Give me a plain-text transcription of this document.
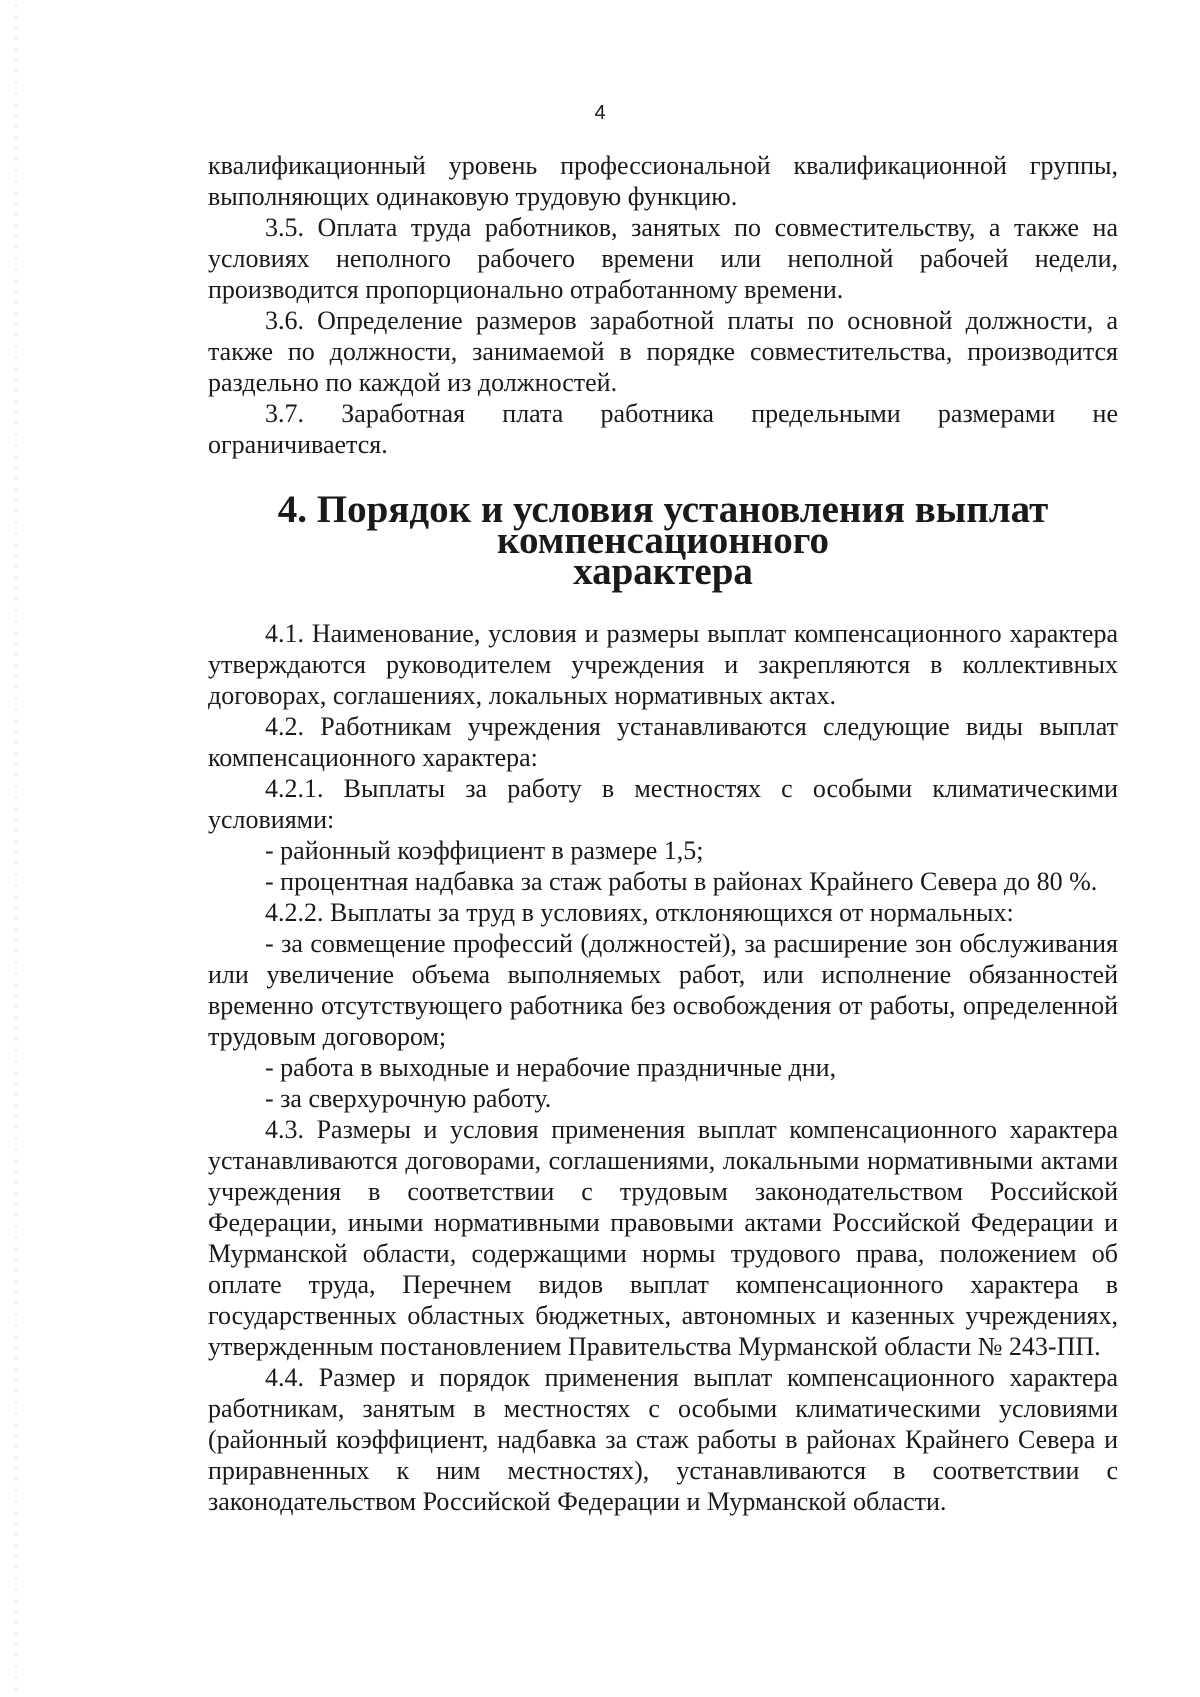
4

квалификационный уровень профессиональной квалификационной группы, выполняющих одинаковую трудовую функцию.

3.5. Оплата труда работников, занятых по совместительству, а также на условиях неполного рабочего времени или неполной рабочей недели, производится пропорционально отработанному времени.

3.6. Определение размеров заработной платы по основной должности, а также по должности, занимаемой в порядке совместительства, производится раздельно по каждой из должностей.

3.7. Заработная плата работника предельными размерами не ограничивается.

4. Порядок и условия установления выплат компенсационного
характера

4.1. Наименование, условия и размеры выплат компенсационного характера утверждаются руководителем учреждения и закрепляются в коллективных договорах, соглашениях, локальных нормативных актах.

4.2. Работникам учреждения устанавливаются следующие виды выплат компенсационного характера:

4.2.1. Выплаты за работу в местностях с особыми климатическими условиями:

- районный коэффициент в размере 1,5;

- процентная надбавка за стаж работы в районах Крайнего Севера до 80 %.

4.2.2. Выплаты за труд в условиях, отклоняющихся от нормальных:

- за совмещение профессий (должностей), за расширение зон обслуживания или увеличение объема выполняемых работ, или исполнение обязанностей временно отсутствующего работника без освобождения от работы, определенной трудовым договором;

- работа в выходные и нерабочие праздничные дни,

- за сверхурочную работу.

4.3. Размеры и условия применения выплат компенсационного характера устанавливаются договорами, соглашениями, локальными нормативными актами учреждения в соответствии с трудовым законодательством Российской Федерации, иными нормативными правовыми актами Российской Федерации и Мурманской области, содержащими нормы трудового права, положением об оплате труда, Перечнем видов выплат компенсационного характера в государственных областных бюджетных, автономных и казенных учреждениях, утвержденным постановлением Правительства Мурманской области № 243-ПП.

4.4. Размер и порядок применения выплат компенсационного характера работникам, занятым в местностях с особыми климатическими условиями (районный коэффициент, надбавка за стаж работы в районах Крайнего Севера и приравненных к ним местностях), устанавливаются в соответствии с законодательством Российской Федерации и Мурманской области.
